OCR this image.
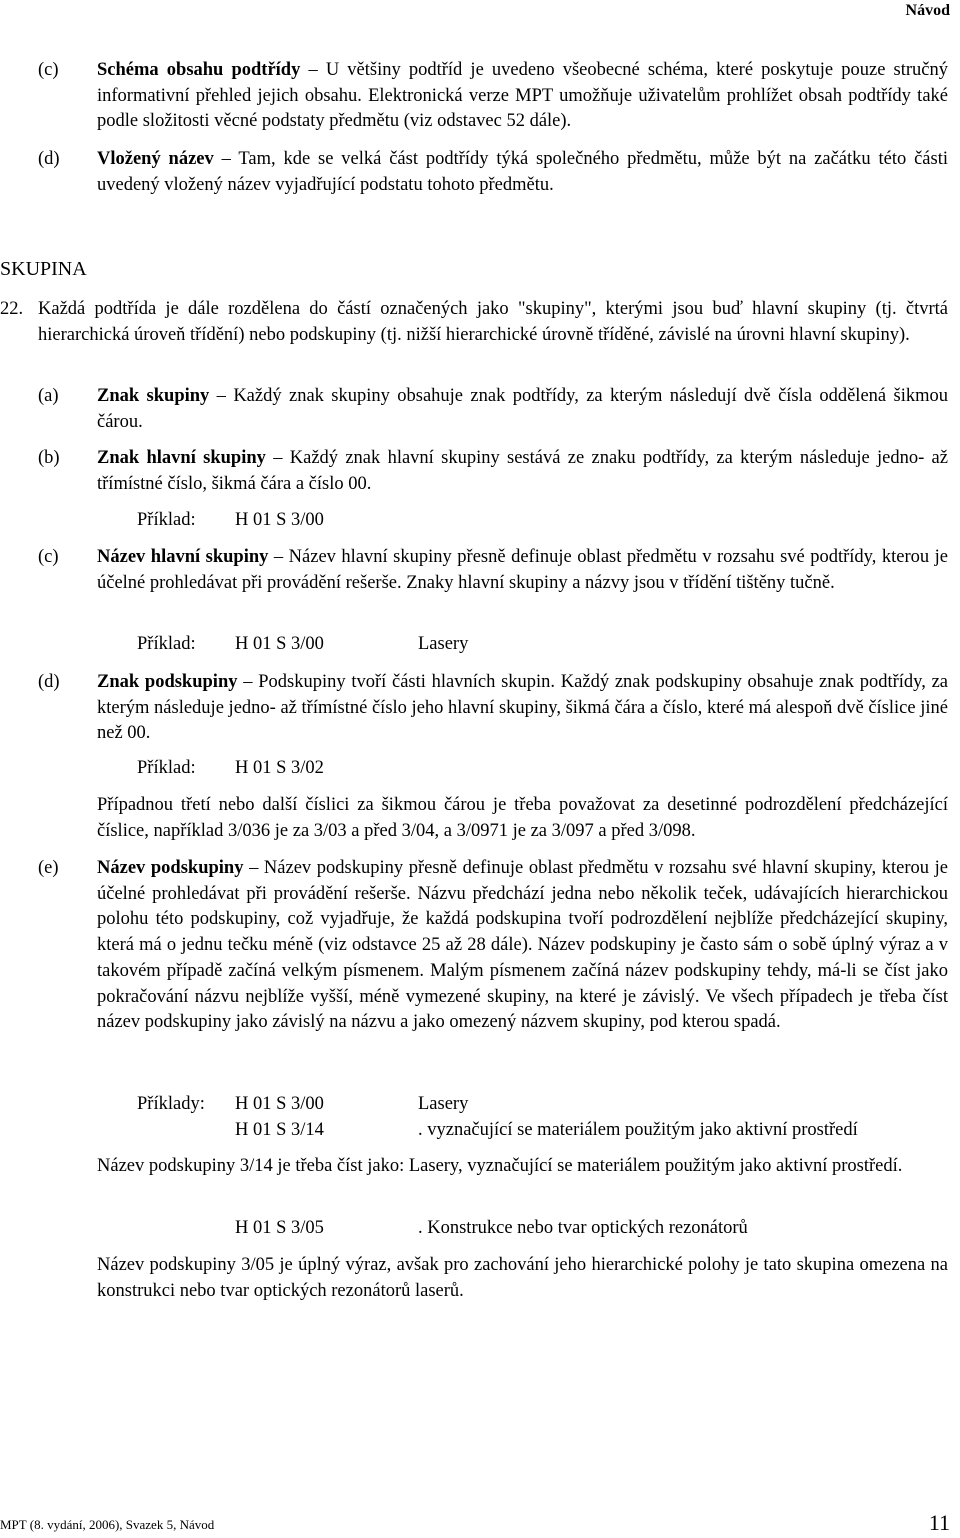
Návod
(c)	Schéma obsahu podtřídy – U většiny podtříd je uvedeno všeobecné schéma, které poskytuje pouze stručný informativní přehled jejich obsahu. Elektronická verze MPT umožňuje uživatelům prohlížet obsah podtřídy také podle složitosti věcné podstaty předmětu (viz odstavec 52 dále).
(d)	Vložený název – Tam, kde se velká část podtřídy týká společného předmětu, může být na začátku této části uvedený vložený název vyjadřující podstatu tohoto předmětu.
SKUPINA
22. Každá podtřída je dále rozdělena do částí označených jako "skupiny", kterými jsou buď hlavní skupiny (tj. čtvrtá hierarchická úroveň třídění) nebo podskupiny (tj. nižší hierarchické úrovně tříděné, závislé na úrovni hlavní skupiny).
(a)	Znak skupiny – Každý znak skupiny obsahuje znak podtřídy, za kterým následují dvě čísla oddělená šikmou čárou.
(b)	Znak hlavní skupiny – Každý znak hlavní skupiny sestává ze znaku podtřídy, za kterým následuje jedno- až třímístné číslo, šikmá čára a číslo 00.
Příklad: H 01 S 3/00
(c)	Název hlavní skupiny – Název hlavní skupiny přesně definuje oblast předmětu v rozsahu své podtřídy, kterou je účelné prohledávat při provádění rešerše. Znaky hlavní skupiny a názvy jsou v třídění tištěny tučně.
Příklad: H 01 S 3/00	Lasery
(d)	Znak podskupiny – Podskupiny tvoří části hlavních skupin. Každý znak podskupiny obsahuje znak podtřídy, za kterým následuje jedno- až třímístné číslo jeho hlavní skupiny, šikmá čára a číslo, které má alespoň dvě číslice jiné než 00.
Příklad: H 01 S 3/02
Případnou třetí nebo další číslici za šikmou čárou je třeba považovat za desetinné podrozdělení předcházející číslice, například 3/036 je za 3/03 a před 3/04, a 3/0971 je za 3/097 a před 3/098.
(e)	Název podskupiny – Název podskupiny přesně definuje oblast předmětu v rozsahu své hlavní skupiny, kterou je účelné prohledávat při provádění rešerše. Názvu předchází jedna nebo několik teček, udávajících hierarchickou polohu této podskupiny, což vyjadřuje, že každá podskupina tvoří podrozdělení nejblíže předcházející skupiny, která má o jednu tečku méně (viz odstavce 25 až 28 dále). Název podskupiny je často sám o sobě úplný výraz a v takovém případě začíná velkým písmenem. Malým písmenem začíná název podskupiny tehdy, má-li se číst jako pokračování názvu nejblíže vyšší, méně vymezené skupiny, na které je závislý. Ve všech případech je třeba číst název podskupiny jako závislý na názvu a jako omezený názvem skupiny, pod kterou spadá.
Příklady: H 01 S 3/00	Lasery
H 01 S 3/14	. vyznačující se materiálem použitým jako aktivní prostředí
Název podskupiny 3/14 je třeba číst jako: Lasery, vyznačující se materiálem použitým jako aktivní prostředí.
H 01 S 3/05	. Konstrukce nebo tvar optických rezonátorů
Název podskupiny 3/05 je úplný výraz, avšak pro zachování jeho hierarchické polohy je tato skupina omezena na konstrukci nebo tvar optických rezonátorů laserů.
MPT (8. vydání, 2006), Svazek 5, Návod	11
